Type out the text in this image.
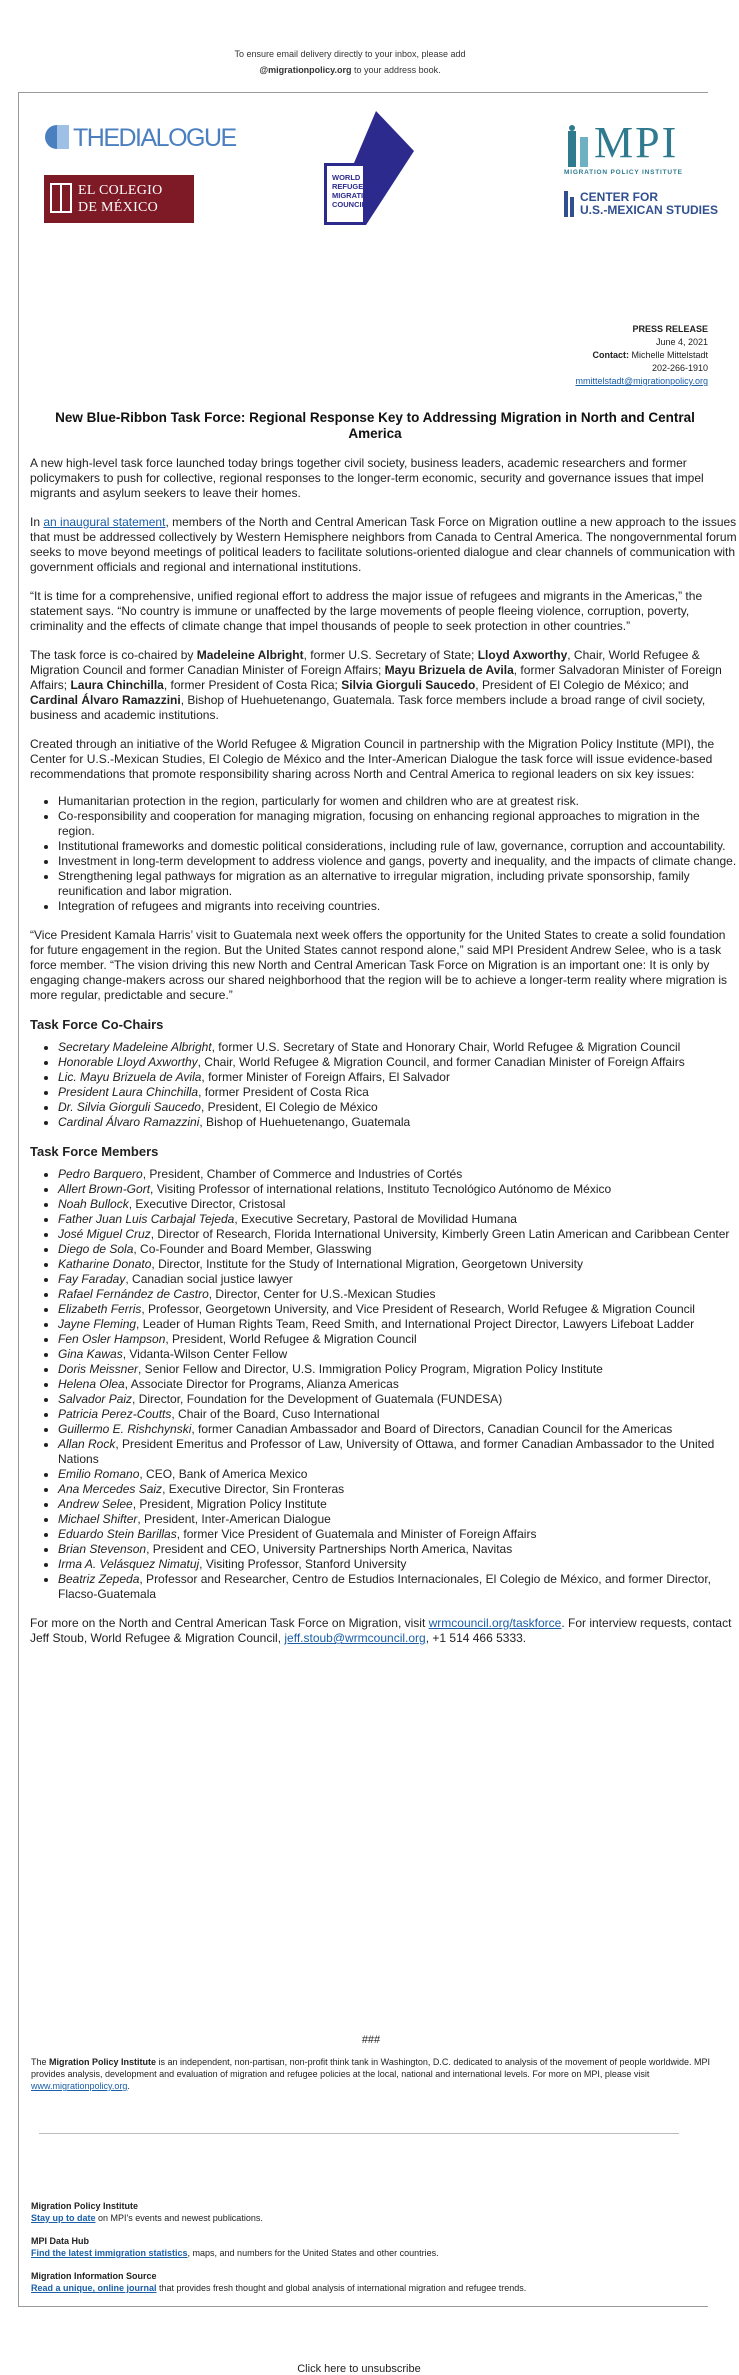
To ensure email delivery directly to your inbox, please add
@migrationpolicy.org to your address book.
THEDIALOGUE
EL COLEGIO
DE MÉXICO
WORLD
REFUGEE &
MIGRATION
COUNCIL
MPI
MIGRATION POLICY INSTITUTE
CENTER FOR
U.S.-MEXICAN STUDIES
PRESS RELEASE
June 4, 2021
Contact: Michelle Mittelstadt
202-266-1910
mmittelstadt@migrationpolicy.org
New Blue-Ribbon Task Force: Regional Response Key to Addressing Migration in North and Central America

A new high-level task force launched today brings together civil society, business leaders, academic researchers and former policymakers to push for collective, regional responses to the longer-term economic, security and governance issues that impel migrants and asylum seekers to leave their homes.

In an inaugural statement, members of the North and Central American Task Force on Migration outline a new approach to the issues that must be addressed collectively by Western Hemisphere neighbors from Canada to Central America. The nongovernmental forum seeks to move beyond meetings of political leaders to facilitate solutions-oriented dialogue and clear channels of communication with government officials and regional and international institutions.

“It is time for a comprehensive, unified regional effort to address the major issue of refugees and migrants in the Americas,” the statement says. “No country is immune or unaffected by the large movements of people fleeing violence, corruption, poverty, criminality and the effects of climate change that impel thousands of people to seek protection in other countries.”

The task force is co-chaired by Madeleine Albright, former U.S. Secretary of State; Lloyd Axworthy, Chair, World Refugee & Migration Council and former Canadian Minister of Foreign Affairs; Mayu Brizuela de Avila, former Salvadoran Minister of Foreign Affairs; Laura Chinchilla, former President of Costa Rica; Silvia Giorguli Saucedo, President of El Colegio de México; and Cardinal Álvaro Ramazzini, Bishop of Huehuetenango, Guatemala. Task force members include a broad range of civil society, business and academic institutions.

Created through an initiative of the World Refugee & Migration Council in partnership with the Migration Policy Institute (MPI), the Center for U.S.-Mexican Studies, El Colegio de México and the Inter-American Dialogue the task force will issue evidence-based recommendations that promote responsibility sharing across North and Central America to regional leaders on six key issues:

• Humanitarian protection in the region, particularly for women and children who are at greatest risk.
• Co-responsibility and cooperation for managing migration, focusing on enhancing regional approaches to migration in the region.
• Institutional frameworks and domestic political considerations, including rule of law, governance, corruption and accountability.
• Investment in long-term development to address violence and gangs, poverty and inequality, and the impacts of climate change.
• Strengthening legal pathways for migration as an alternative to irregular migration, including private sponsorship, family reunification and labor migration.
• Integration of refugees and migrants into receiving countries.

“Vice President Kamala Harris’ visit to Guatemala next week offers the opportunity for the United States to create a solid foundation for future engagement in the region. But the United States cannot respond alone,” said MPI President Andrew Selee, who is a task force member. “The vision driving this new North and Central American Task Force on Migration is an important one: It is only by engaging change-makers across our shared neighborhood that the region will be to achieve a longer-term reality where migration is more regular, predictable and secure.”

Task Force Co-Chairs
• Secretary Madeleine Albright, former U.S. Secretary of State and Honorary Chair, World Refugee & Migration Council
• Honorable Lloyd Axworthy, Chair, World Refugee & Migration Council, and former Canadian Minister of Foreign Affairs
• Lic. Mayu Brizuela de Avila, former Minister of Foreign Affairs, El Salvador
• President Laura Chinchilla, former President of Costa Rica
• Dr. Silvia Giorguli Saucedo, President, El Colegio de México
• Cardinal Álvaro Ramazzini, Bishop of Huehuetenango, Guatemala
Task Force Members
• Pedro Barquero, President, Chamber of Commerce and Industries of Cortés
• Allert Brown-Gort, Visiting Professor of international relations, Instituto Tecnológico Autónomo de México
• Noah Bullock, Executive Director, Cristosal
• Father Juan Luis Carbajal Tejeda, Executive Secretary, Pastoral de Movilidad Humana
• José Miguel Cruz, Director of Research, Florida International University, Kimberly Green Latin American and Caribbean Center
• Diego de Sola, Co-Founder and Board Member, Glasswing
• Katharine Donato, Director, Institute for the Study of International Migration, Georgetown University
• Fay Faraday, Canadian social justice lawyer
• Rafael Fernández de Castro, Director, Center for U.S.-Mexican Studies
• Elizabeth Ferris, Professor, Georgetown University, and Vice President of Research, World Refugee & Migration Council
• Jayne Fleming, Leader of Human Rights Team, Reed Smith, and International Project Director, Lawyers Lifeboat Ladder
• Fen Osler Hampson, President, World Refugee & Migration Council
• Gina Kawas, Vidanta-Wilson Center Fellow
• Doris Meissner, Senior Fellow and Director, U.S. Immigration Policy Program, Migration Policy Institute
• Helena Olea, Associate Director for Programs, Alianza Americas
• Salvador Paiz, Director, Foundation for the Development of Guatemala (FUNDESA)
• Patricia Perez-Coutts, Chair of the Board, Cuso International
• Guillermo E. Rishchynski, former Canadian Ambassador and Board of Directors, Canadian Council for the Americas
• Allan Rock, President Emeritus and Professor of Law, University of Ottawa, and former Canadian Ambassador to the United Nations
• Emilio Romano, CEO, Bank of America Mexico
• Ana Mercedes Saiz, Executive Director, Sin Fronteras
• Andrew Selee, President, Migration Policy Institute
• Michael Shifter, President, Inter-American Dialogue
• Eduardo Stein Barillas, former Vice President of Guatemala and Minister of Foreign Affairs
• Brian Stevenson, President and CEO, University Partnerships North America, Navitas
• Irma A. Velásquez Nimatuj, Visiting Professor, Stanford University
• Beatriz Zepeda, Professor and Researcher, Centro de Estudios Internacionales, El Colegio de México, and former Director, Flacso-Guatemala

For more on the North and Central American Task Force on Migration, visit wrmcouncil.org/taskforce. For interview requests, contact Jeff Stoub, World Refugee & Migration Council, jeff.stoub@wrmcouncil.org, +1 514 466 5333.

###
The Migration Policy Institute is an independent, non-partisan, non-profit think tank in Washington, D.C. dedicated to analysis of the movement of people worldwide. MPI provides analysis, development and evaluation of migration and refugee policies at the local, national and international levels. For more on MPI, please visit www.migrationpolicy.org.
Migration Policy Institute
Stay up to date on MPI's events and newest publications.
MPI Data Hub
Find the latest immigration statistics, maps, and numbers for the United States and other countries.
Migration Information Source
Read a unique, online journal that provides fresh thought and global analysis of international migration and refugee trends.
Click here to unsubscribe
